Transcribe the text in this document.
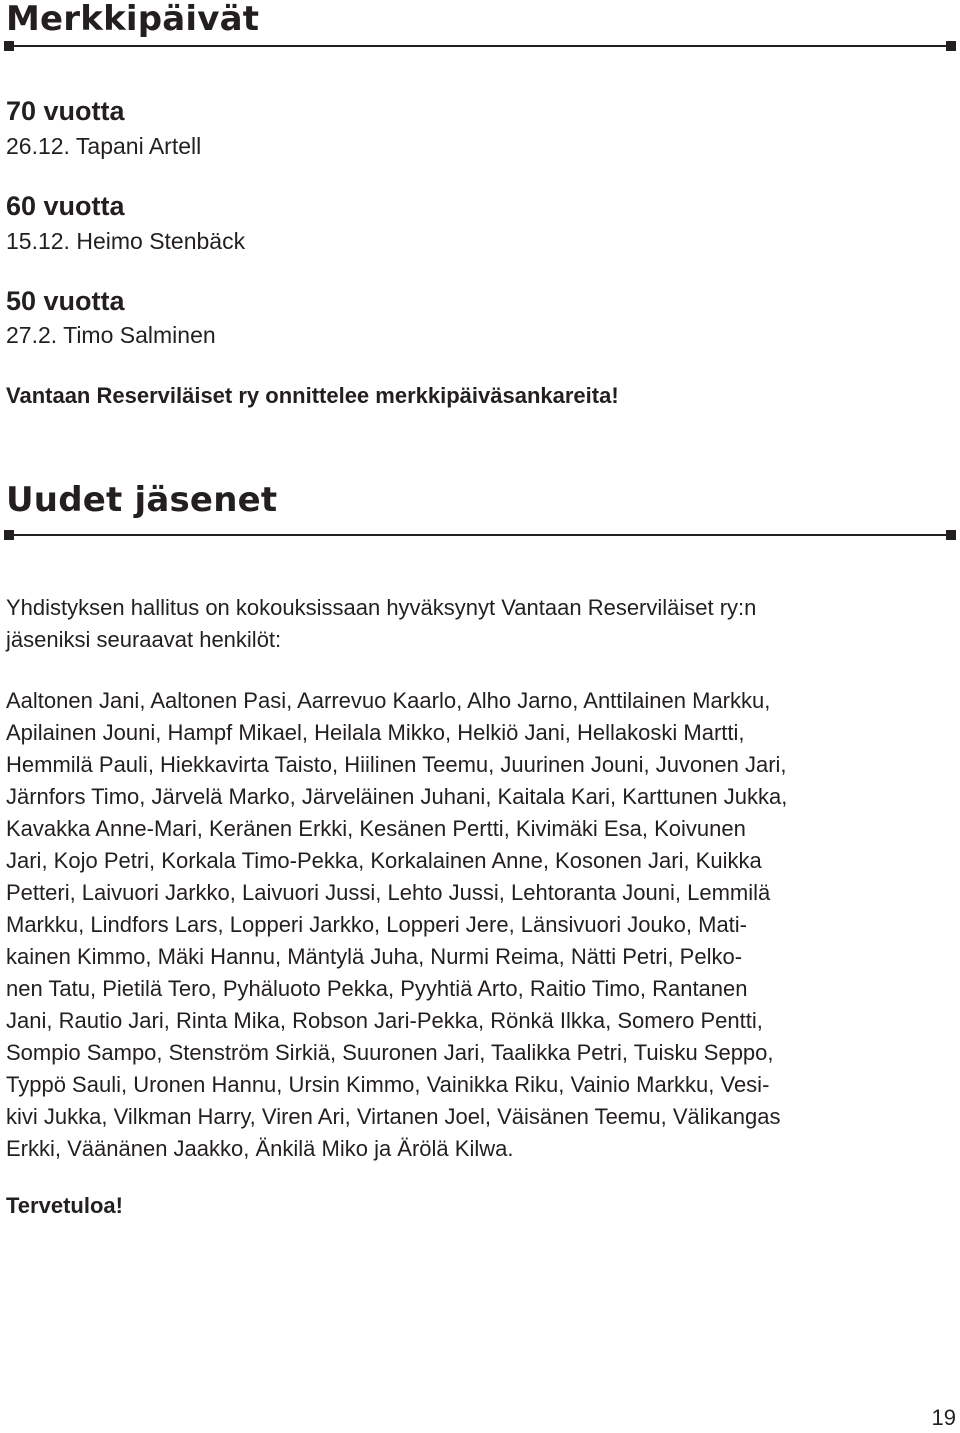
Merkkipäivät

70 vuotta

26.12. Tapani Artell

60 vuotta

15.12. Heimo Stenbäck

50 vuotta

27.2. Timo Salminen

Vantaan Reserviläiset ry onnittelee merkkipäiväsankareita!

Uudet jäsenet
Yhdistyksen hallitus on kokouksissaan hyväksynyt Vantaan Reserviläiset ry:n
jäseniksi seuraavat henkilöt:
Aaltonen Jani, Aaltonen Pasi, Aarrevuo Kaarlo, Alho Jarno, Anttilainen Markku,
Apilainen Jouni, Hampf Mikael, Heilala Mikko, Helkiö Jani, Hellakoski Martti,
Hemmilä Pauli, Hiekkavirta Taisto, Hiilinen Teemu, Juurinen Jouni, Juvonen Jari,
Järnfors Timo, Järvelä Marko, Järveläinen Juhani, Kaitala Kari, Karttunen Jukka,
Kavakka Anne-Mari, Keränen Erkki, Kesänen Pertti, Kivimäki Esa, Koivunen
Jari, Kojo Petri, Korkala Timo-Pekka, Korkalainen Anne, Kosonen Jari, Kuikka
Petteri, Laivuori Jarkko, Laivuori Jussi, Lehto Jussi, Lehtoranta Jouni, Lemmilä
Markku, Lindfors Lars, Lopperi Jarkko, Lopperi Jere, Länsivuori Jouko, Mati-
kainen Kimmo, Mäki Hannu, Mäntylä Juha, Nurmi Reima, Nätti Petri, Pelko-
nen Tatu, Pietilä Tero, Pyhäluoto Pekka, Pyyhtiä Arto, Raitio Timo, Rantanen
Jani, Rautio Jari, Rinta Mika, Robson Jari-Pekka, Rönkä Ilkka, Somero Pentti,
Sompio Sampo, Stenström Sirkiä, Suuronen Jari, Taalikka Petri, Tuisku Seppo,
Typpö Sauli, Uronen Hannu, Ursin Kimmo, Vainikka Riku, Vainio Markku, Vesi-
kivi Jukka, Vilkman Harry, Viren Ari, Virtanen Joel, Väisänen Teemu, Välikangas
Erkki, Väänänen Jaakko, Änkilä Miko ja Ärölä Kilwa.

Tervetuloa!

19
